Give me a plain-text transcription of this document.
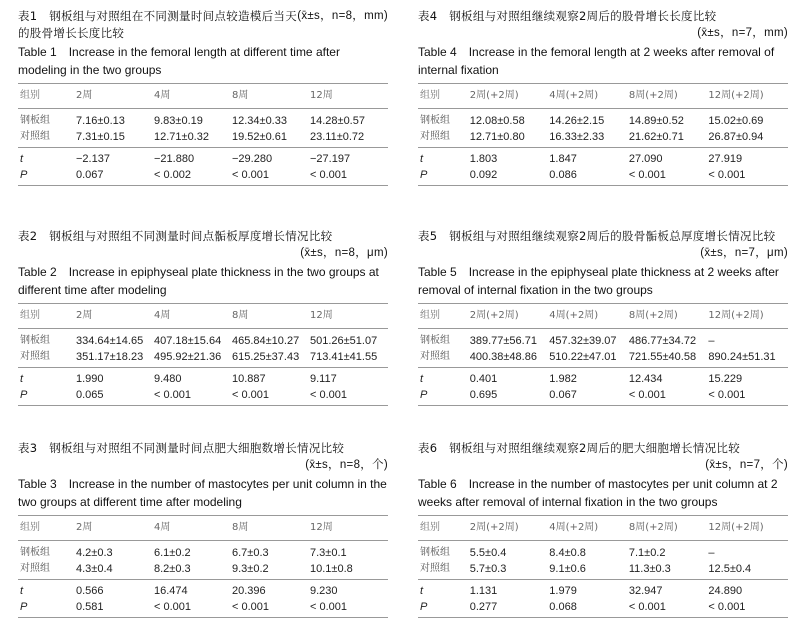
(x̄±s，n=8，mm)
表1　钢板组与对照组在不同测量时间点较造模后当天的股骨增长长度比较
Table 1　Increase in the femoral length at different time after modeling in the two groups
组别	2周	4周	8周	12周
钢板组	7.16±0.13	9.83±0.19	12.34±0.33	14.28±0.57
对照组	7.31±0.15	12.71±0.32	19.52±0.61	23.11±0.72
t	−2.137	−21.880	−29.280	−27.197
P	0.067	< 0.002	< 0.001	< 0.001
表2　钢板组与对照组不同测量时间点骺板厚度增长情况比较

(x̄±s，n=8，μm)

Table 2　Increase in epiphyseal plate thickness in the two groups at different time after modeling
组别	2周	4周	8周	12周
钢板组	334.64±14.65 407.18±15.64 465.84±10.27 501.26±51.07
对照组	351.17±18.23 495.92±21.36 615.25±37.43 713.41±41.55
t	1.990	9.480	10.887	9.117
P	0.065	< 0.001	< 0.001	< 0.001
表3　钢板组与对照组不同测量时间点肥大细胞数增长情况比较

(x̄±s，n=8，个)

Table 3　Increase in the number of mastocytes per unit column in the two groups at different time after modeling
组别	2周	4周	8周	12周
钢板组	4.2±0.3	6.1±0.2	6.7±0.3	7.3±0.1
对照组	4.3±0.4	8.2±0.3	9.3±0.2	10.1±0.8
t	0.566	16.474	20.396	9.230
P	0.581	< 0.001	< 0.001	< 0.001
表4　钢板组与对照组继续观察2周后的股骨增长长度比较

(x̄±s，n=7，mm)

Table 4　Increase in the femoral length at 2 weeks after removal of internal fixation
组别	2周(+2周)	4周(+2周)	8周(+2周)	12周(+2周)
钢板组	12.08±0.58	14.26±2.15	14.89±0.52	15.02±0.69
对照组	12.71±0.80	16.33±2.33	21.62±0.71	26.87±0.94
t	1.803	1.847	27.090	27.919
P	0.092	0.086	< 0.001	< 0.001
表5　钢板组与对照组继续观察2周后的股骨骺板总厚度增长情况比较

(x̄±s，n=7，μm)

Table 5　Increase in the epiphyseal plate thickness at 2 weeks after removal of internal fixation in the two groups
组别	2周(+2周)	4周(+2周)	8周(+2周)	12周(+2周)
钢板组	389.77±56.71	457.32±39.07	486.77±34.72	–
对照组	400.38±48.86	510.22±47.01	721.55±40.58	890.24±51.31
t	0.401	1.982	12.434	15.229
P	0.695	0.067	< 0.001	< 0.001
表6　钢板组与对照组继续观察2周后的肥大细胞增长情况比较

(x̄±s，n=7，个)

Table 6　Increase in the number of mastocytes per unit column at 2 weeks after removal of internal fixation in the two groups
组别	2周(+2周)	4周(+2周)	8周(+2周)	12周(+2周)
钢板组	5.5±0.4	8.4±0.8	7.1±0.2	–
对照组	5.7±0.3	9.1±0.6	11.3±0.3	12.5±0.4
t	1.131	1.979	32.947	24.890
P	0.277	0.068	< 0.001	< 0.001
